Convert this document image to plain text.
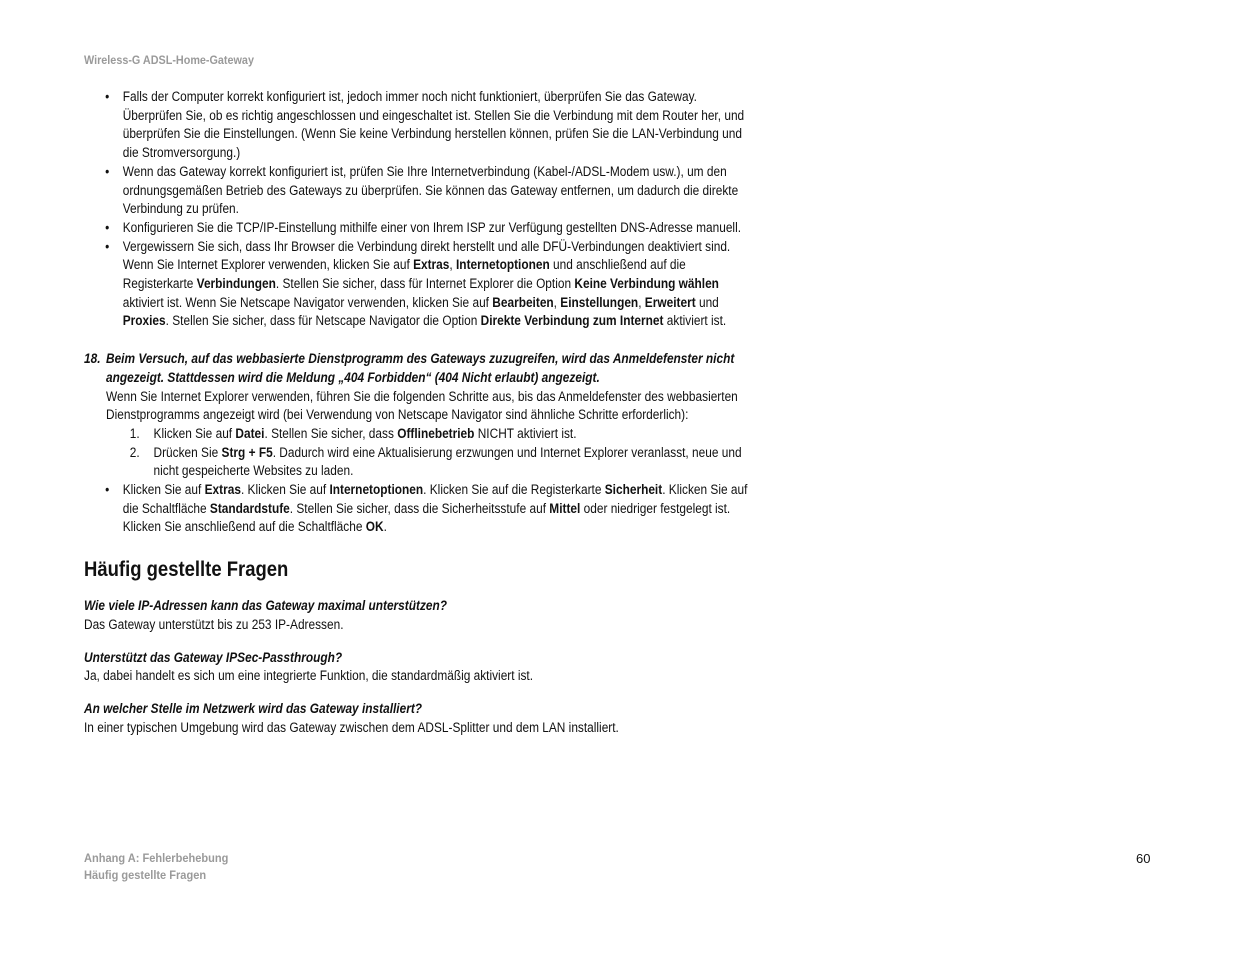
Wireless-G ADSL-Home-Gateway
• Falls der Computer korrekt konfiguriert ist, jedoch immer noch nicht funktioniert, überprüfen Sie das Gateway. Überprüfen Sie, ob es richtig angeschlossen und eingeschaltet ist. Stellen Sie die Verbindung mit dem Router her, und überprüfen Sie die Einstellungen. (Wenn Sie keine Verbindung herstellen können, prüfen Sie die LAN-Verbindung und die Stromversorgung.)
• Wenn das Gateway korrekt konfiguriert ist, prüfen Sie Ihre Internetverbindung (Kabel-/ADSL-Modem usw.), um den ordnungsgemäßen Betrieb des Gateways zu überprüfen. Sie können das Gateway entfernen, um dadurch die direkte Verbindung zu prüfen.
• Konfigurieren Sie die TCP/IP-Einstellung mithilfe einer von Ihrem ISP zur Verfügung gestellten DNS-Adresse manuell.
• Vergewissern Sie sich, dass Ihr Browser die Verbindung direkt herstellt und alle DFÜ-Verbindungen deaktiviert sind. Wenn Sie Internet Explorer verwenden, klicken Sie auf Extras, Internetoptionen und anschließend auf die Registerkarte Verbindungen. Stellen Sie sicher, dass für Internet Explorer die Option Keine Verbindung wählen aktiviert ist. Wenn Sie Netscape Navigator verwenden, klicken Sie auf Bearbeiten, Einstellungen, Erweitert und Proxies. Stellen Sie sicher, dass für Netscape Navigator die Option Direkte Verbindung zum Internet aktiviert ist.
18. Beim Versuch, auf das webbasierte Dienstprogramm des Gateways zuzugreifen, wird das Anmeldefenster nicht angezeigt. Stattdessen wird die Meldung „404 Forbidden“ (404 Nicht erlaubt) angezeigt.
Wenn Sie Internet Explorer verwenden, führen Sie die folgenden Schritte aus, bis das Anmeldefenster des webbasierten Dienstprogramms angezeigt wird (bei Verwendung von Netscape Navigator sind ähnliche Schritte erforderlich):
1. Klicken Sie auf Datei. Stellen Sie sicher, dass Offlinebetrieb NICHT aktiviert ist.
2. Drücken Sie Strg + F5. Dadurch wird eine Aktualisierung erzwungen und Internet Explorer veranlasst, neue und nicht gespeicherte Websites zu laden.
• Klicken Sie auf Extras. Klicken Sie auf Internetoptionen. Klicken Sie auf die Registerkarte Sicherheit. Klicken Sie auf die Schaltfläche Standardstufe. Stellen Sie sicher, dass die Sicherheitsstufe auf Mittel oder niedriger festgelegt ist. Klicken Sie anschließend auf die Schaltfläche OK.
Häufig gestellte Fragen
Wie viele IP-Adressen kann das Gateway maximal unterstützen?
Das Gateway unterstützt bis zu 253 IP-Adressen.
Unterstützt das Gateway IPSec-Passthrough?
Ja, dabei handelt es sich um eine integrierte Funktion, die standardmäßig aktiviert ist.
An welcher Stelle im Netzwerk wird das Gateway installiert?
In einer typischen Umgebung wird das Gateway zwischen dem ADSL-Splitter und dem LAN installiert.
Anhang A: Fehlerbehebung
Häufig gestellte Fragen
60
